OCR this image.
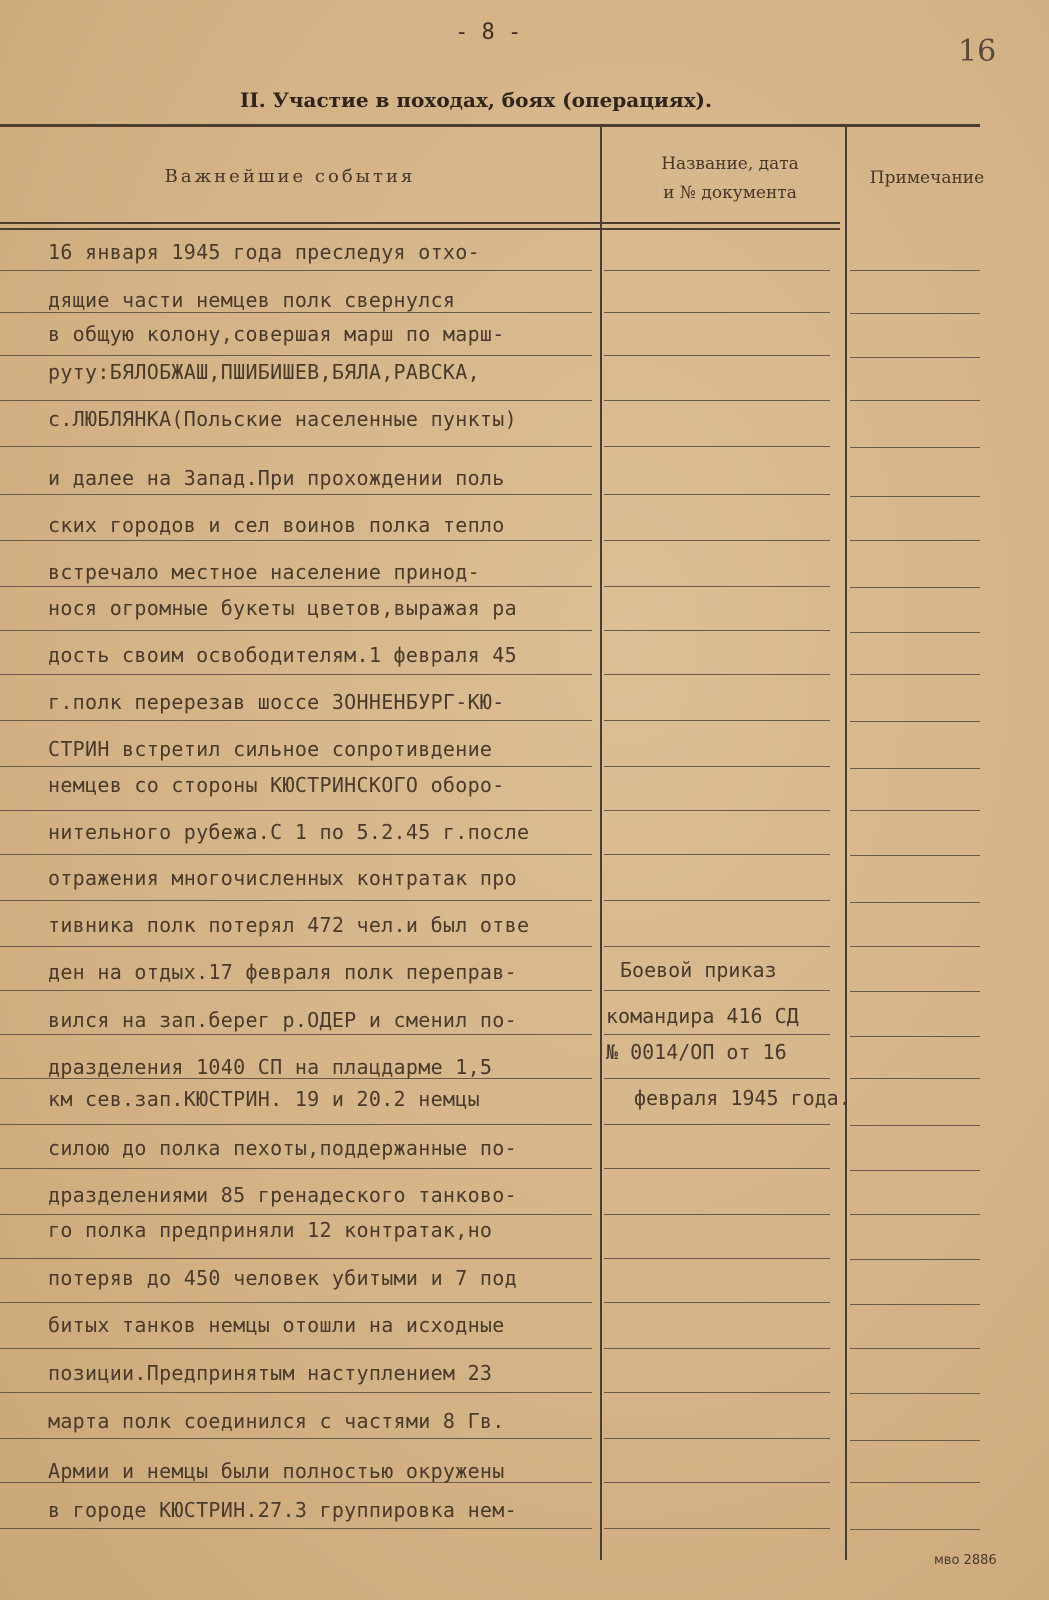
- 8 -
16
II. Участие в походах, боях (операциях).
Важнейшие события
Название, дата
и № документа
Примечание
16 января 1945 года преследуя отхо-
дящие части немцев полк свернулся
в общую колону,совершая марш по марш-
руту:БЯЛОБЖАШ,ПШИБИШЕВ,БЯЛА,РАВСКА,
с.ЛЮБЛЯНКА(Польские населенные пункты)
и далее на Запад.При прохождении поль
ских городов и сел воинов полка тепло
встречало местное население принод-
нося огромные букеты цветов,выражая ра
дость своим освободителям.1 февраля 45
г.полк перерезав шоссе ЗОННЕНБУРГ-КЮ-
СТРИН встретил сильное сопротивдение
немцев со стороны КЮСТРИНСКОГО оборо-
нительного рубежа.С 1 по 5.2.45 г.после
отражения многочисленных контратак про
тивника полк потерял 472 чел.и был отве
ден на отдых.17 февраля полк переправ-
вился на зап.берег р.ОДЕР и сменил по-
дразделения 1040 СП на плацдарме 1,5
км сев.зап.КЮСТРИН. 19 и 20.2 немцы
силою до полка пехоты,поддержанные по-
дразделениями 85 гренадеского танково-
го полка предприняли 12 контратак,но
потеряв до 450 человек убитыми и 7 под
битых танков немцы отошли на исходные
позиции.Предпринятым наступлением 23
марта полк соединился с частями 8 Гв.
Армии и немцы были полностью окружены
в городе КЮСТРИН.27.3 группировка нем-
Боевой приказ
командира 416 СД
№ 0014/ОП от 16
февраля 1945 года.
мво 2886
